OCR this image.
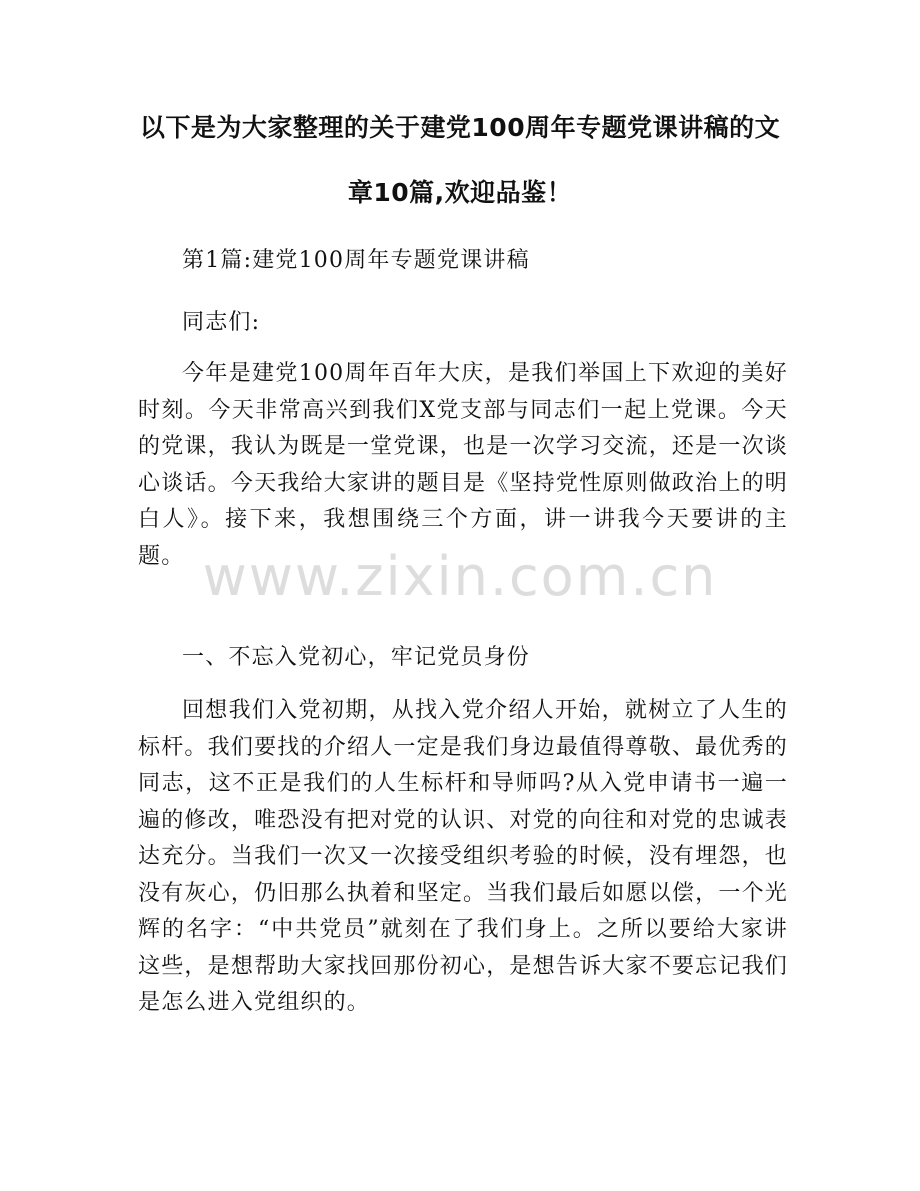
以下是为大家整理的关于建党100周年专题党课讲稿的文
章10篇,欢迎品鉴！

第1篇:建党100周年专题党课讲稿

同志们:

今年是建党100周年百年大庆，是我们举国上下欢迎的美好时刻。今天非常高兴到我们X党支部与同志们一起上党课。今天的党课，我认为既是一堂党课，也是一次学习交流，还是一次谈心谈话。今天我给大家讲的题目是《坚持党性原则做政治上的明白人》。接下来，我想围绕三个方面，讲一讲我今天要讲的主题。

一、不忘入党初心，牢记党员身份

回想我们入党初期，从找入党介绍人开始，就树立了人生的标杆。我们要找的介绍人一定是我们身边最值得尊敬、最优秀的同志，这不正是我们的人生标杆和导师吗?从入党申请书一遍一遍的修改，唯恐没有把对党的认识、对党的向往和对党的忠诚表达充分。当我们一次又一次接受组织考验的时候，没有埋怨，也没有灰心，仍旧那么执着和坚定。当我们最后如愿以偿，一个光辉的名字：“中共党员”就刻在了我们身上。之所以要给大家讲这些，是想帮助大家找回那份初心，是想告诉大家不要忘记我们是怎么进入党组织的。

www.zixin.com.cn
